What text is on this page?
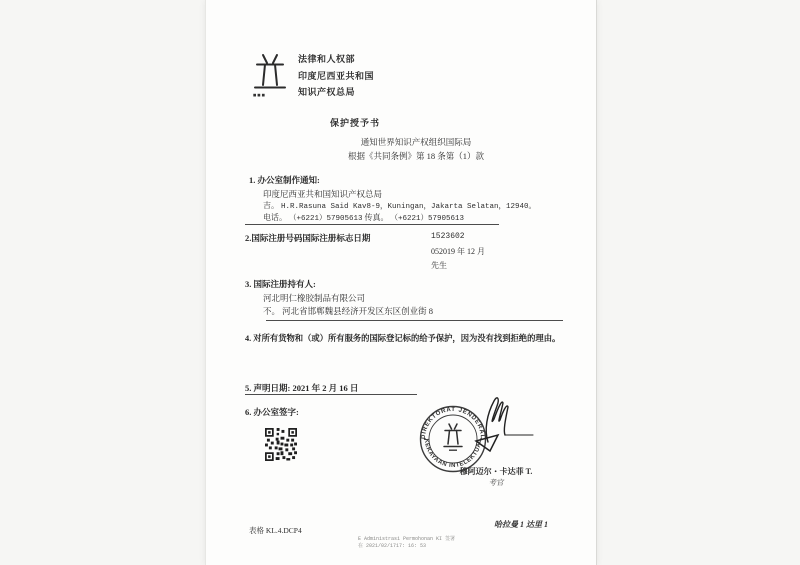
■■■
法律和人权部
印度尼西亚共和国
知识产权总局
保护授予书
通知世界知识产权组织国际局
根据《共同条例》第 18 条第（1）款
1. 办公室制作通知:
印度尼西亚共和国知识产权总局
吉。 H.R.Rasuna Said Kav8-9，Kuningan，Jakarta Selatan，12940。
电话。 （+6221）57905613 传真。 （+6221）57905613
2.国际注册号码国际注册标志日期	1523602
052019 年 12 月
先生
3. 国际注册持有人:
河北明仁橡胶制品有限公司
不。 河北省邯郸魏县经济开发区东区创业街 8
4. 对所有货物和（或）所有服务的国际登记标的给予保护，因为没有找到拒绝的理由。
5. 声明日期: 2021 年 2 月 16 日
6. 办公室签字:
DIREKTORAT JENDERAL
KEKAYAAN INTELEKTUAL
穆阿迈尔・卡达菲 T.
考官
表格 KL.4.DCP4
哈拉曼 1 达里 1
E Administrasi Permohonan KI 签署
在 2021/02/1717: 16: 53
